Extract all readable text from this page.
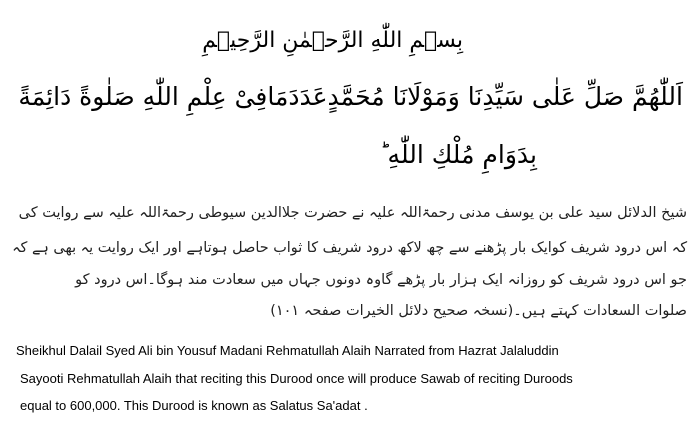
بِسۡمِ اللّٰهِ الرَّحۡمٰنِ الرَّحِيۡمِ
اَللّٰهُمَّ صَلِّ عَلٰى سَيِّدِنَا وَمَوْلَانَا مُحَمَّدٍعَدَدَمَافِىْ عِلْمِ اللّٰهِ صَلٰوةً دَائِمَةً
بِدَوَامِ مُلْكِ اللّٰهِ ؕ
شیخ الدلائل سید علی بن یوسف مدنی رحمۃاللہ علیہ نے حضرت جلاالدین سیوطی رحمۃاللہ علیہ سے روایت کی
کہ اس درود شریف کوایک بار پڑھنے سے چھ لاکھ درود شریف کا ثواب حاصل ہوتاہے اور ایک روایت یہ بھی ہے کہ
جو اس درود شریف کو روزانہ ایک ہزار بار پڑھے گاوہ دونوں جہاں میں سعادت مند ہوگا۔اس درود کو
صلوات السعادات کہتے ہیں۔(نسخہ صحیح دلائل الخیرات صفحہ ۱۰۱)
Sheikhul Dalail Syed Ali bin Yousuf Madani Rehmatullah Alaih Narrated from Hazrat Jalaluddin
Sayooti Rehmatullah Alaih that reciting this Durood once will produce Sawab of reciting Duroods
equal to 600,000. This Durood is known as Salatus Sa'adat .
